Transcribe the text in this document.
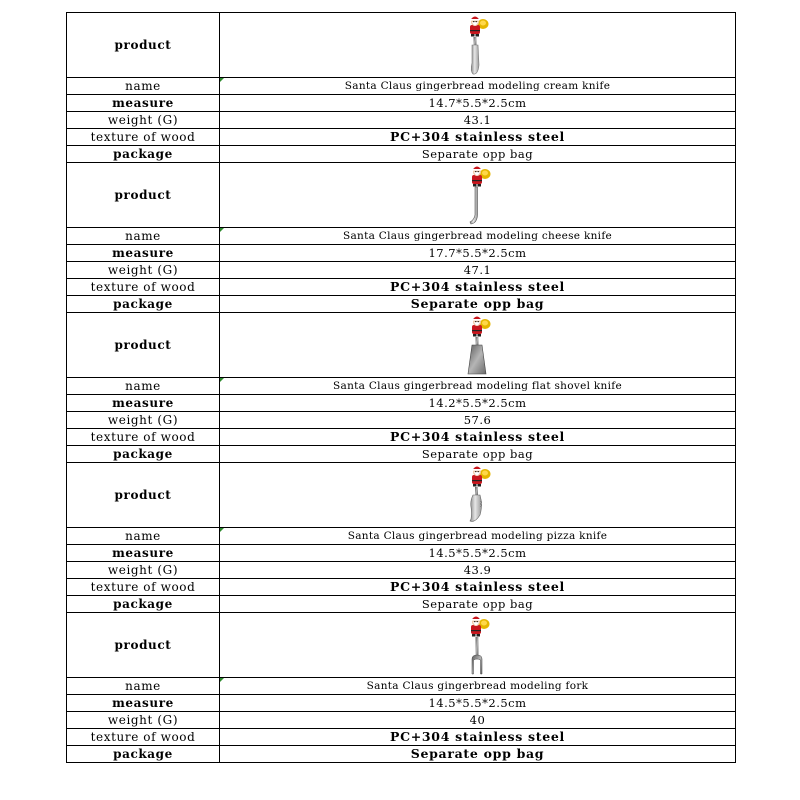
product	

name	Santa Claus gingerbread modeling cream knife
measure	14.7*5.5*2.5cm
weight (G)	43.1
texture of wood	PC+304 stainless steel
package	Separate opp bag
product	

name	Santa Claus gingerbread modeling cheese knife
measure	17.7*5.5*2.5cm
weight (G)	47.1
texture of wood	PC+304 stainless steel
package	Separate opp bag
product	

name	Santa Claus gingerbread modeling flat shovel knife
measure	14.2*5.5*2.5cm
weight (G)	57.6
texture of wood	PC+304 stainless steel
package	Separate opp bag
product	

name	Santa Claus gingerbread modeling pizza knife
measure	14.5*5.5*2.5cm
weight (G)	43.9
texture of wood	PC+304 stainless steel
package	Separate opp bag
product	

name	Santa Claus gingerbread modeling fork
measure	14.5*5.5*2.5cm
weight (G)	40
texture of wood	PC+304 stainless steel
package	Separate opp bag
